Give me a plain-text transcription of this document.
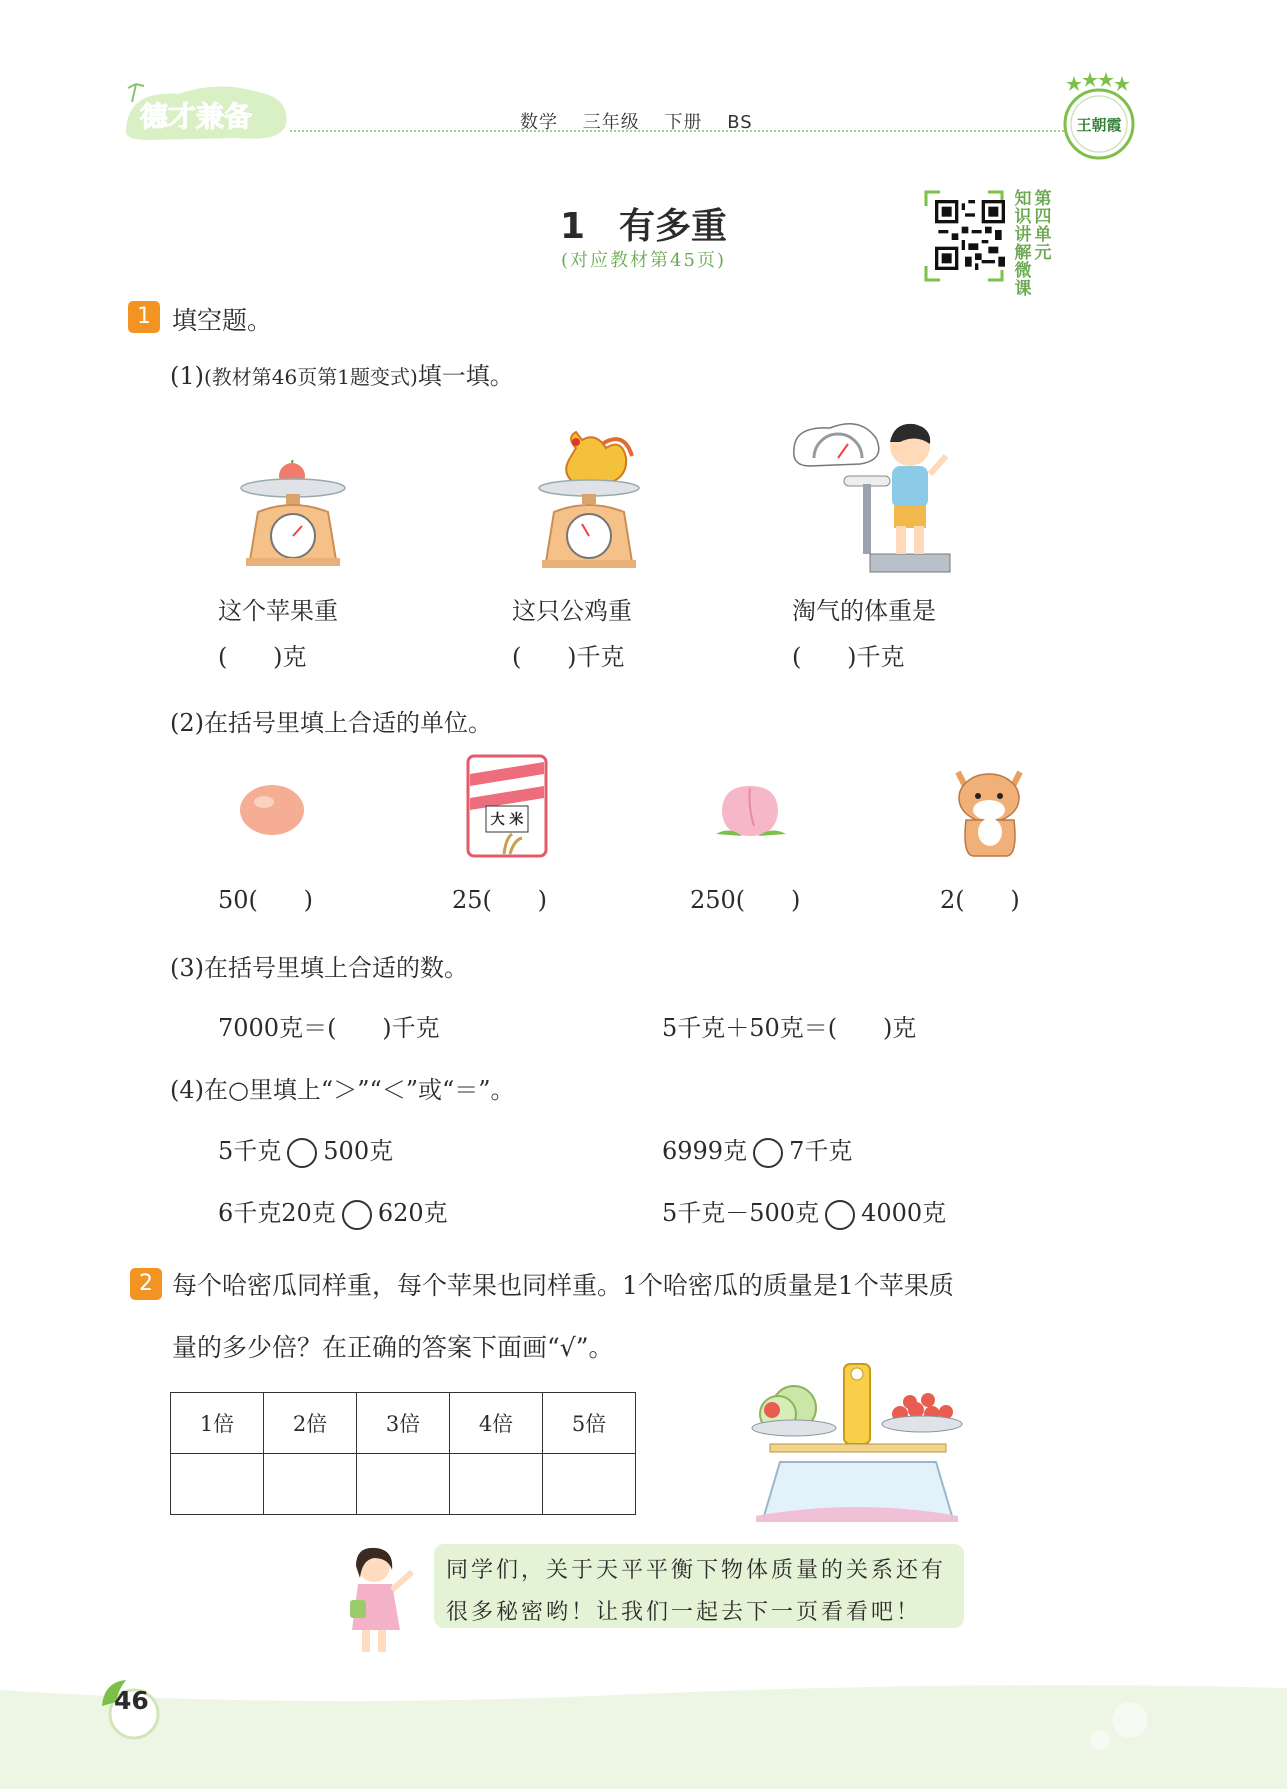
德才兼备	数学 三年级 下册 BS	王朝霞
1 有多重
(对应教材第45页)
知识讲解微课
第四单元
1 填空题。
(1)(教材第46页第1题变式)填一填。
这个苹果重
(      )克
这只公鸡重
(      )千克
淘气的体重是
(      )千克
(2)在括号里填上合适的单位。
大 米
50(      )	25(      )	250(      )	2(      )
(3)在括号里填上合适的数。
7000克＝(      )千克	5千克＋50克＝(      )克
(4)在○里填上“＞”“＜”或“＝”。
5千克 500克	6999克 7千克
6千克20克 620克	5千克－500克 4000克
2 每个哈密瓜同样重，每个苹果也同样重。1个哈密瓜的质量是1个苹果质
量的多少倍？在正确的答案下面画“√”。
1倍	2倍	3倍	4倍	5倍

同学们，关于天平平衡下物体质量的关系还有
很多秘密哟！让我们一起去下一页看看吧！
46
